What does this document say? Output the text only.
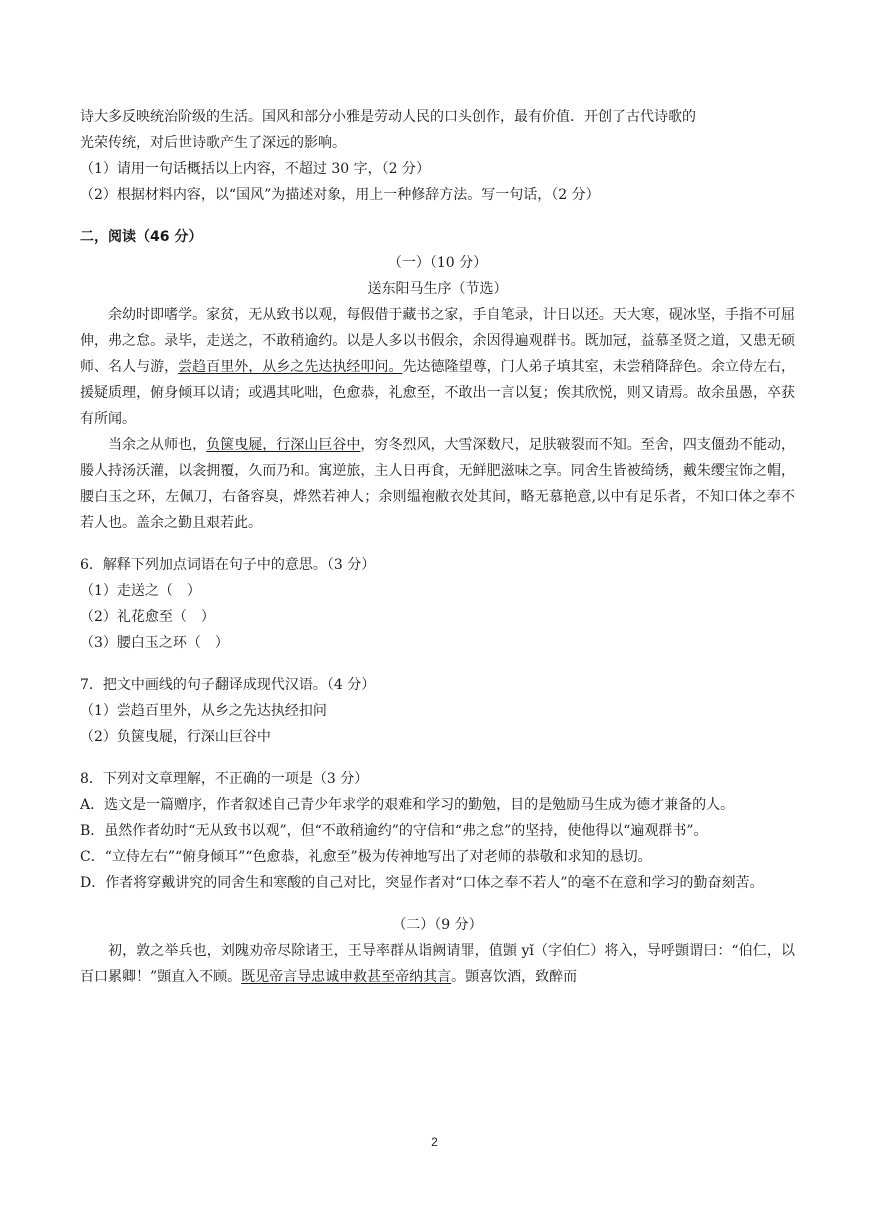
诗大多反映统治阶级的生活。国风和部分小雅是劳动人民的口头创作，最有价值．开创了古代诗歌的
光荣传统，对后世诗歌产生了深远的影响。
（1）请用一句话概括以上内容，不超过 30 字，（2 分）
（2）根据材料内容，以“国风”为描述对象，用上一种修辞方法。写一句话，（2 分）
二，阅读（46 分）
（一）（10 分）
送东阳马生序（节选）

余幼时即嗜学。家贫，无从致书以观，每假借于藏书之家，手自笔录，计日以还。天大寒，砚冰坚，手指不可屈伸，弗之怠。录毕，走送之，不敢稍逾约。以是人多以书假余，余因得遍观群书。既加冠，益慕圣贤之道，又患无硕师、名人与游，尝趋百里外，从乡之先达执经叩问。先达德隆望尊，门人弟子填其室，未尝稍降辞色。余立侍左右，援疑质理，俯身倾耳以请；或遇其叱咄，色愈恭，礼愈至，不敢出一言以复；俟其欣悦，则又请焉。故余虽愚，卒获有所闻。

当余之从师也，负箧曳屣，行深山巨谷中，穷冬烈风，大雪深数尺，足肤皲裂而不知。至舍，四支僵劲不能动，媵人持汤沃灌，以衾拥覆，久而乃和。寓逆旅，主人日再食，无鲜肥滋味之享。同舍生皆被绮绣，戴朱缨宝饰之帽，腰白玉之环，左佩刀，右备容臭，烨然若神人；余则缊袍敝衣处其间，略无慕艳意,以中有足乐者，不知口体之奉不若人也。盖余之勤且艰若此。

6．解释下列加点词语在句子中的意思。（3 分）
（1）走送之（　）
（2）礼花愈至（　）
（3）腰白玉之环（　）
7．把文中画线的句子翻译成现代汉语。（4 分）
（1）尝趋百里外，从乡之先达执经扣问
（2）负箧曳屣，行深山巨谷中
8．下列对文章理解，不正确的一项是（3 分）

A．选文是一篇赠序，作者叙述自己青少年求学的艰难和学习的勤勉，目的是勉励马生成为德才兼备的人。

B．虽然作者幼时“无从致书以观”，但“不敢稍逾约”的守信和“弗之怠”的坚持，使他得以“遍观群书”。

C．“立侍左右”“俯身倾耳”“色愈恭，礼愈至”极为传神地写出了对老师的恭敬和求知的恳切。

D．作者将穿戴讲究的同舍生和寒酸的自己对比，突显作者对“口体之奉不若人”的毫不在意和学习的勤奋刻苦。

（二）（9 分）

初，敦之举兵也，刘隗劝帝尽除诸王，王导率群从诣阙请罪，值顗 yǐ（字伯仁）将入，导呼顗谓曰：“伯仁，以百口累卿！”顗直入不顾。既见帝言导忠诚申救甚至帝纳其言。顗喜饮酒，致醉而

2
